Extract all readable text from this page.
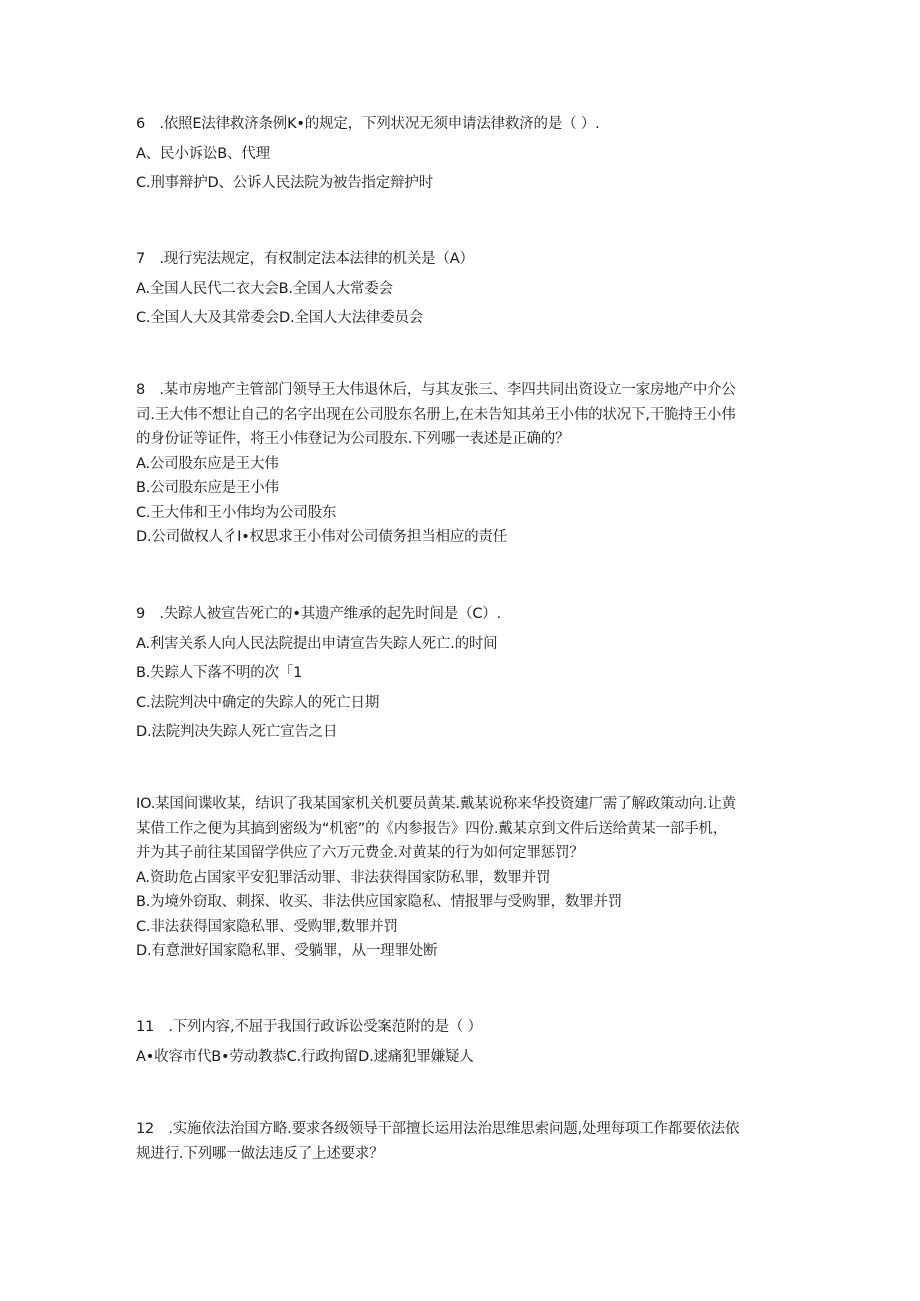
6　.依照E法律救济条例K•的规定，下列状况无须申请法律救济的是（ ）.
A、民小诉讼B、代理
C.刑事辩护D、公诉人民法院为被告指定辩护时
7　.现行宪法规定，有权制定法本法律的机关是（A）
A.全国人民代二衣大会B.全国人大常委会
C.全国人大及其常委会D.全国人大法律委员会
8　.某市房地产主管部门领导王大伟退休后，与其友张三、李四共同出资设立一家房地产中介公
司.王大伟不想让自己的名字出现在公司股东名册上,在未告知其弟王小伟的状况下,干脆持王小伟
的身份证等证件，将王小伟登记为公司股东.下列哪一表述是正确的？
A.公司股东应是王大伟
B.公司股东应是王小伟
C.王大伟和王小伟均为公司股东
D.公司做权人彳I•权思求王小伟对公司债务担当相应的责任
9　.失踪人被宣告死亡的•其遗产维承的起先时间是（C）.
A.利害关系人向人民法院提出申请宣告失踪人死亡.的时间
B.失踪人下落不明的次「1
C.法院判决中确定的失踪人的死亡日期
D.法院判决失踪人死亡宣告之日
IO.某国间谍收某，结识了我某国家机关机要员黄某.戴某说称来华投资建厂需了解政策动向.让黄
某借工作之便为其搞到密级为“机密”的《内参报告》四份.戴某京到文件后送给黄某一部手机，
并为其子前往某国留学供应了六万元费金.对黄某的行为如何定罪惩罚？
A.资助危占国家平安犯罪活动罪、非法获得国家防私罪，数罪并罚
B.为境外窃取、刺探、收买、非法供应国家隐私、情报罪与受购罪，数罪并罚
C.非法获得国家隐私罪、受购罪,数罪并罚
D.有意泄好国家隐私罪、受躺罪，从一理罪处断
11　.下列内容,不屈于我国行政诉讼受案范附的是（ ）
A•收容市代B•劳动教恭C.行政拘留D.逑痛犯罪嫌疑人
12　.实施依法治国方略.要求各级领导干部擅长运用法治思维思索问题,处理每项工作都要依法依
规进行.下列哪一做法违反了上述要求？
